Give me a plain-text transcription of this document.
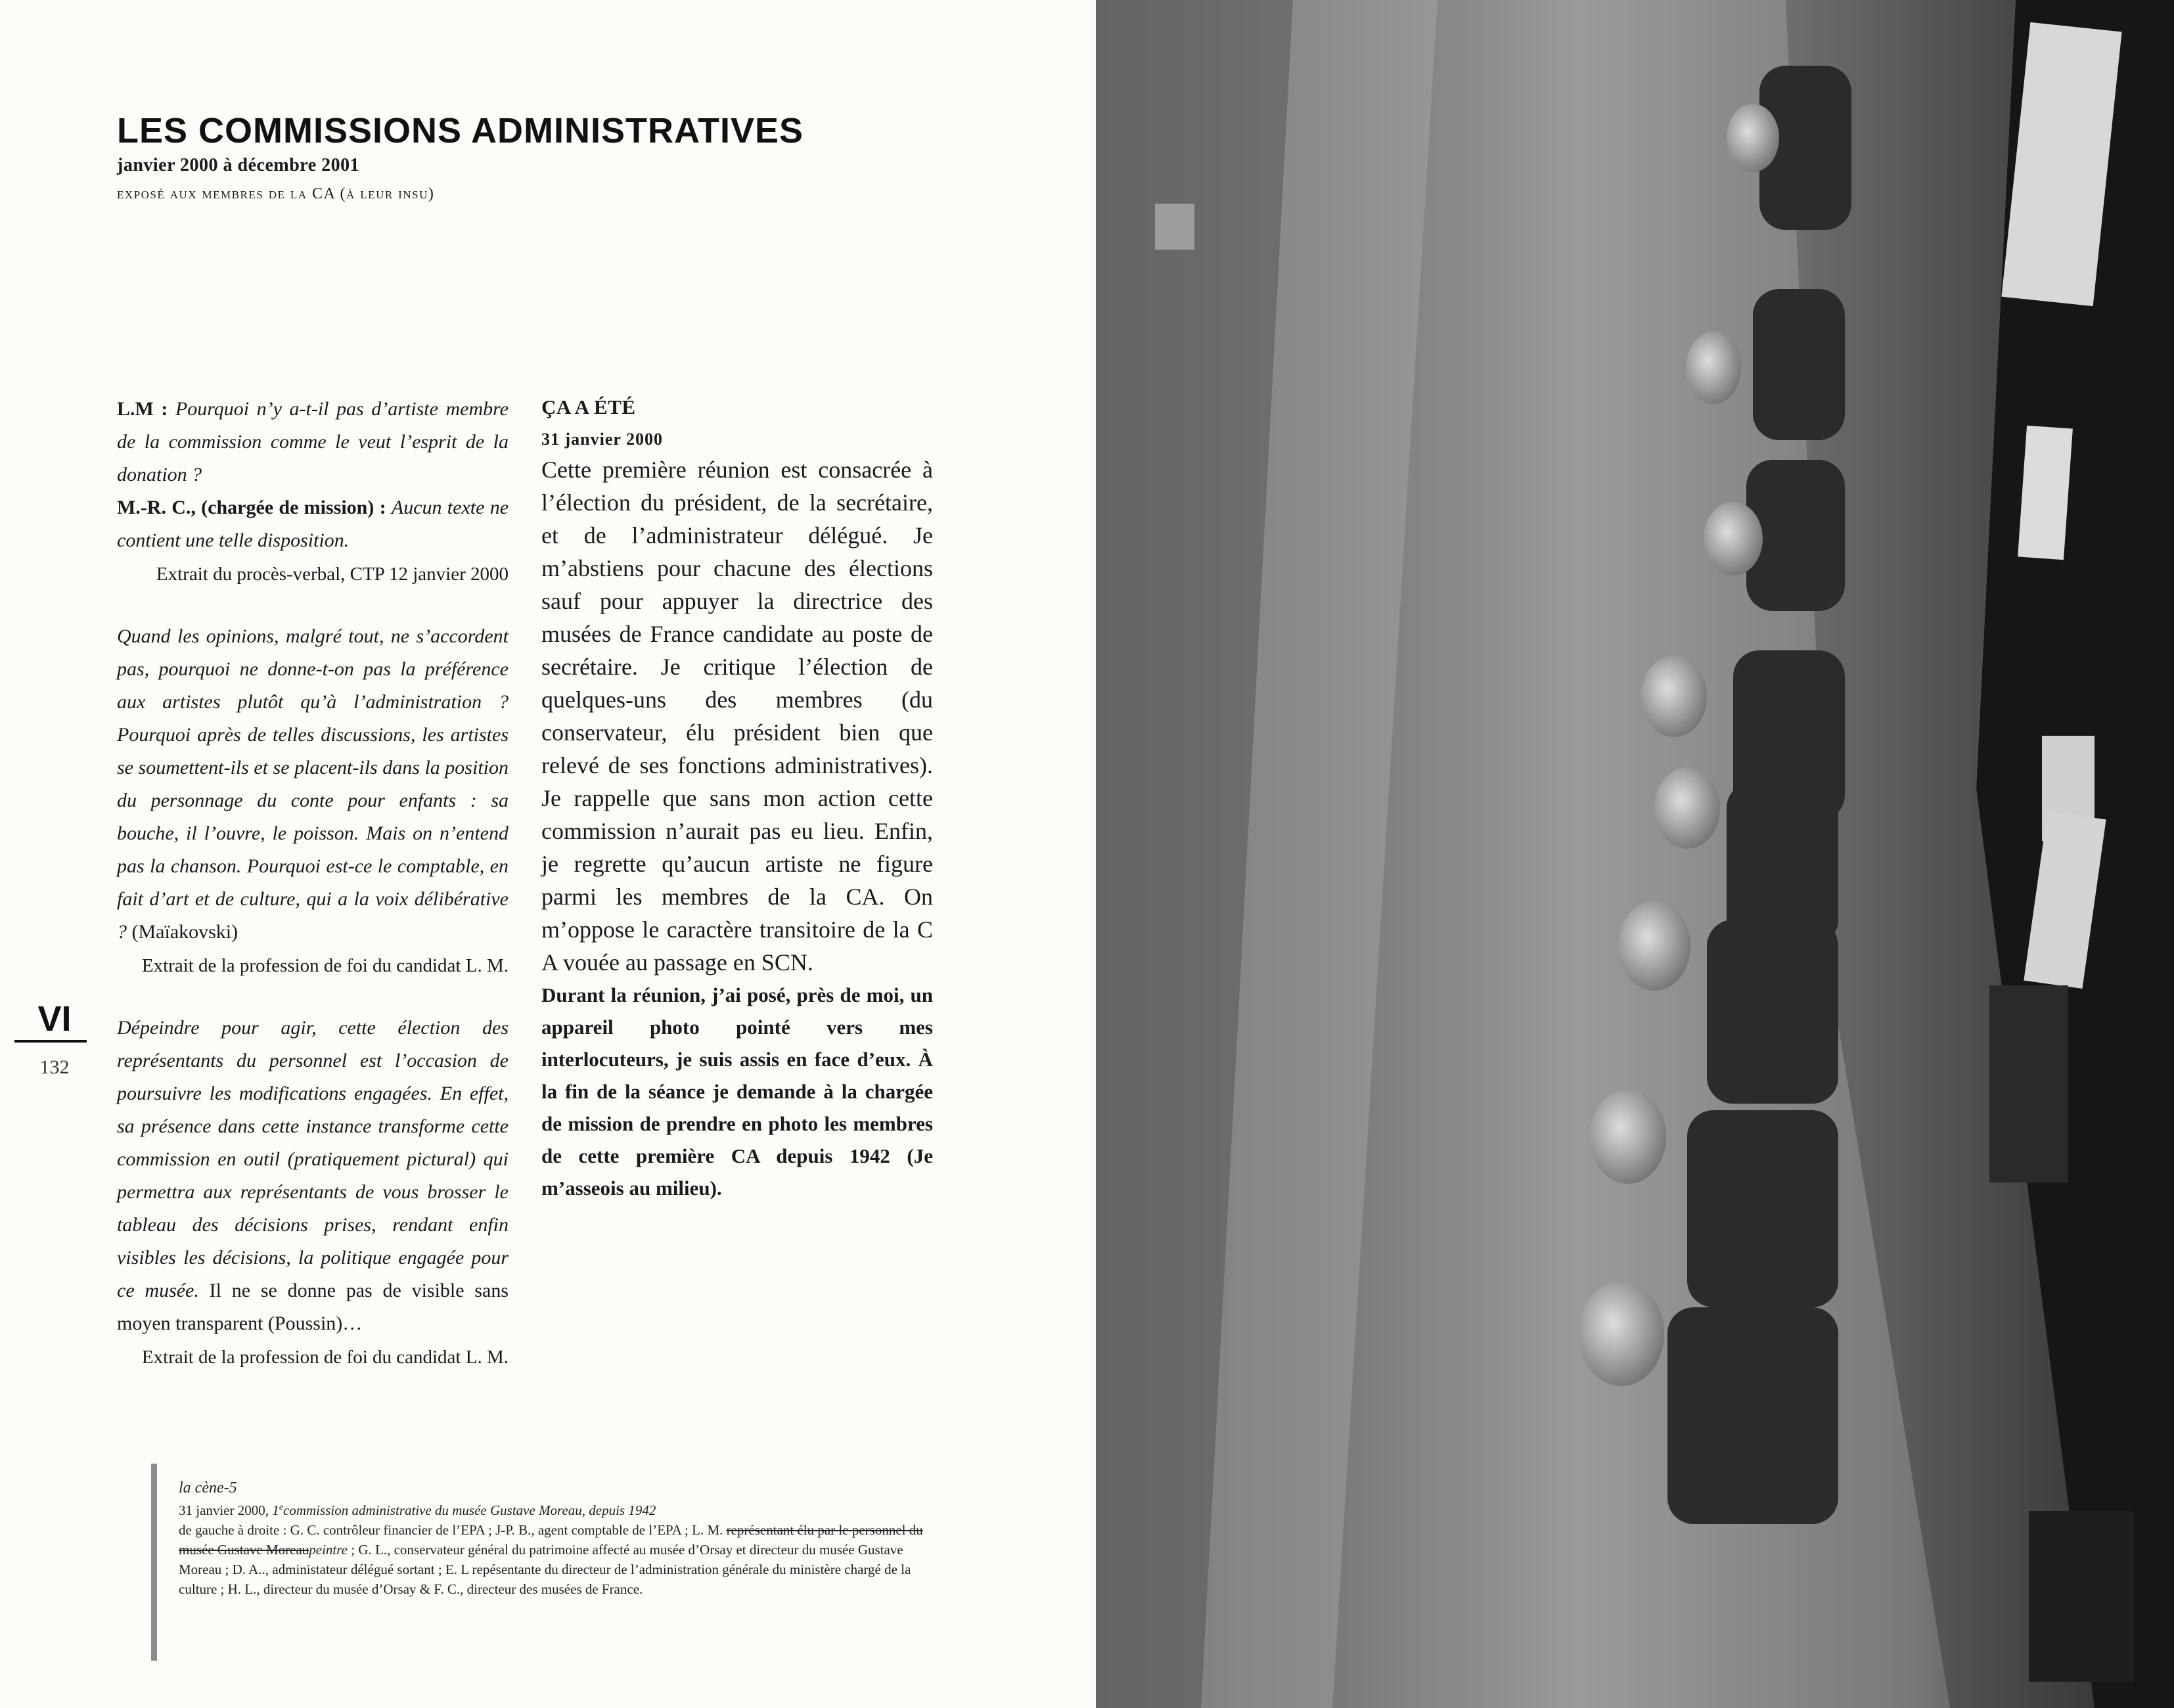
LES COMMISSIONS ADMINISTRATIVES
janvier 2000 à décembre 2001
exposé aux membres de la CA (à leur insu)

L.M : Pourquoi n’y a-t-il pas d’artiste membre de la commission comme le veut l’esprit de la donation ?

M.-R. C., (chargée de mission) : Aucun texte ne contient une telle disposition.

Extrait du procès-verbal, CTP 12 janvier 2000

Quand les opinions, malgré tout, ne s’accordent pas, pourquoi ne donne-t-on pas la préférence aux artistes plutôt qu’à l’administration ? Pourquoi après de telles discussions, les artistes se soumettent-ils et se placent-ils dans la position du personnage du conte pour enfants : sa bouche, il l’ouvre, le poisson. Mais on n’entend pas la chanson. Pourquoi est-ce le comptable, en fait d’art et de culture, qui a la voix délibérative ? (Maïakovski)

Extrait de la profession de foi du candidat L. M.

Dépeindre pour agir, cette élection des représentants du personnel est l’occasion de poursuivre les modifications engagées. En effet, sa présence dans cette instance transforme cette commission en outil (pratiquement pictural) qui permettra aux représentants de vous brosser le tableau des décisions prises, rendant enfin visibles les décisions, la politique engagée pour ce musée. Il ne se donne pas de visible sans moyen transparent (Poussin)…

Extrait de la profession de foi du candidat L. M.

ÇA A ÉTÉ

31 janvier 2000

Cette première réunion est consacrée à l’élection du président, de la secrétaire, et de l’administrateur délégué. Je m’abstiens pour chacune des élections sauf pour appuyer la directrice des musées de France candidate au poste de secrétaire. Je critique l’élection de quelques-uns des membres (du conservateur, élu président bien que relevé de ses fonctions administratives). Je rappelle que sans mon action cette commission n’aurait pas eu lieu. Enfin, je regrette qu’aucun artiste ne figure parmi les membres de la CA. On m’oppose le caractère transitoire de la C A vouée au passage en SCN.

Durant la réunion, j’ai posé, près de moi, un appareil photo pointé vers mes interlocuteurs, je suis assis en face d’eux. À la fin de la séance je demande à la chargée de mission de prendre en photo les membres de cette première CA depuis 1942 (Je m’asseois au milieu).

VI
132
la cène-5
31 janvier 2000, 1ecommission administrative du musée Gustave Moreau, depuis 1942
de gauche à droite : G. C. contrôleur financier de l’EPA ; J-P. B., agent comptable de l’EPA ; L. M. représentant élu par le personnel du musée Gustave Moreaupeintre ; G. L., conservateur général du patrimoine affecté au musée d’Orsay et directeur du musée Gustave Moreau ; D. A.., administateur délégué sortant ; E. L repésentante du directeur de l’administration générale du ministère chargé de la culture ; H. L., directeur du musée d’Orsay & F. C., directeur des musées de France.
